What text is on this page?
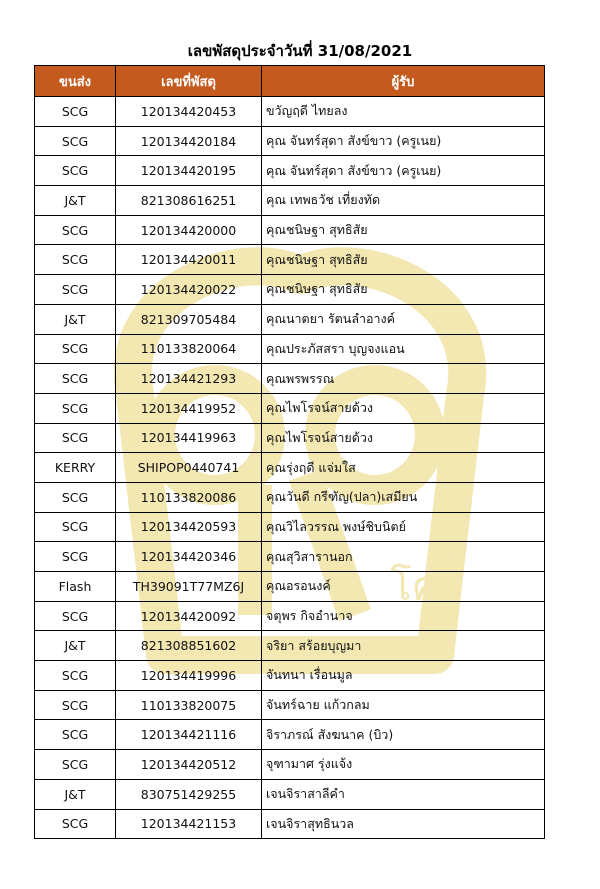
โคกี้
เลขพัสดุประจำวันที่ 31/08/2021
ขนส่ง	เลขที่พัสดุ	ผู้รับ
SCG	120134420453	ขวัญฤดี ไทยลง
SCG	120134420184	คุณ จันทร์สุดา สังข์ขาว (ครูเนย)
SCG	120134420195	คุณ จันทร์สุดา สังข์ขาว (ครูเนย)
J&T	821308616251	คุณ เทพธวัช เที่ยงทัด
SCG	120134420000	คุณชนิษฐา สุทธิสัย
SCG	120134420011	คุณชนิษฐา สุทธิสัย
SCG	120134420022	คุณชนิษฐา สุทธิสัย
J&T	821309705484	คุณนาตยา รัตนลำอางค์
SCG	110133820064	คุณประภัสสรา บุญจงแอน
SCG	120134421293	คุณพรพรรณ
SCG	120134419952	คุณไพโรจน์สายด้วง
SCG	120134419963	คุณไพโรจน์สายด้วง
KERRY	SHIPOP0440741	คุณรุ่งฤดี แจ่มใส
SCG	110133820086	คุณวันดี กรีฑัญ(ปลา)เสมียน
SCG	120134420593	คุณวิไลวรรณ พงษ์ชิบนิตย์
SCG	120134420346	คุณสุวิสารานอก
Flash	TH39091T77MZ6J	คุณอรอนงค์
SCG	120134420092	จตุพร กิจอำนาจ
J&T	821308851602	จริยา สร้อยบุญมา
SCG	120134419996	จันทนา เรื่อนมูล
SCG	110133820075	จันทร์ฉาย แก้วกลม
SCG	120134421116	จิราภรณ์ สังฆนาค (บิว)
SCG	120134420512	จุฑามาศ รุ่งแจ้ง
J&T	830751429255	เจนจิราสาลีคำ
SCG	120134421153	เจนจิราสุทธินวล
